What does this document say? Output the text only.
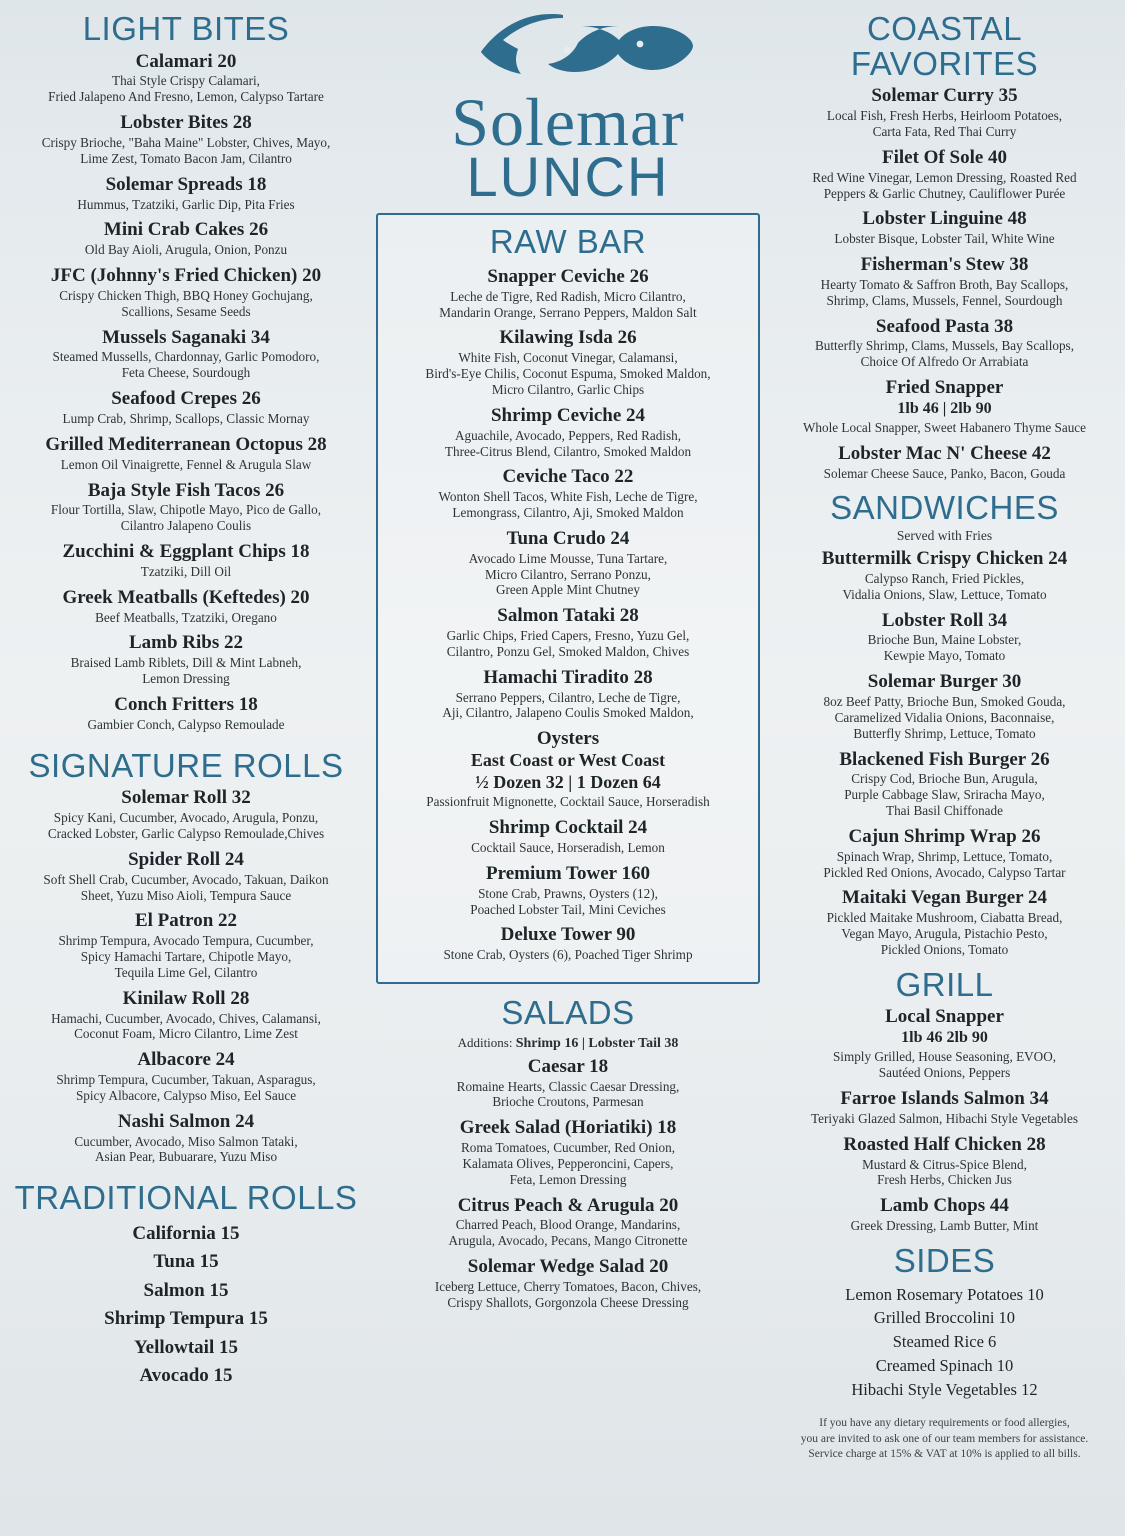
LIGHT BITES
Calamari 20
Thai Style Crispy Calamari,
Fried Jalapeno And Fresno, Lemon, Calypso Tartare
Lobster Bites 28
Crispy Brioche, "Baha Maine" Lobster, Chives, Mayo,
Lime Zest, Tomato Bacon Jam, Cilantro
Solemar Spreads 18
Hummus, Tzatziki, Garlic Dip, Pita Fries
Mini Crab Cakes 26
Old Bay Aioli, Arugula, Onion, Ponzu
JFC (Johnny's Fried Chicken) 20
Crispy Chicken Thigh, BBQ Honey Gochujang,
Scallions, Sesame Seeds
Mussels Saganaki 34
Steamed Mussells, Chardonnay, Garlic Pomodoro,
Feta Cheese, Sourdough
Seafood Crepes 26
Lump Crab, Shrimp, Scallops, Classic Mornay
Grilled Mediterranean Octopus 28
Lemon Oil Vinaigrette, Fennel & Arugula Slaw
Baja Style Fish Tacos 26
Flour Tortilla, Slaw, Chipotle Mayo, Pico de Gallo,
Cilantro Jalapeno Coulis
Zucchini & Eggplant Chips 18
Tzatziki, Dill Oil
Greek Meatballs (Keftedes) 20
Beef Meatballs, Tzatziki, Oregano
Lamb Ribs 22
Braised Lamb Riblets, Dill & Mint Labneh,
Lemon Dressing
Conch Fritters 18
Gambier Conch, Calypso Remoulade
SIGNATURE ROLLS
Solemar Roll 32
Spicy Kani, Cucumber, Avocado, Arugula, Ponzu,
Cracked Lobster, Garlic Calypso Remoulade,Chives
Spider Roll 24
Soft Shell Crab, Cucumber, Avocado, Takuan, Daikon
Sheet, Yuzu Miso Aioli, Tempura Sauce
El Patron 22
Shrimp Tempura, Avocado Tempura, Cucumber,
Spicy Hamachi Tartare, Chipotle Mayo,
Tequila Lime Gel, Cilantro
Kinilaw Roll 28
Hamachi, Cucumber, Avocado, Chives, Calamansi,
Coconut Foam, Micro Cilantro, Lime Zest
Albacore 24
Shrimp Tempura, Cucumber, Takuan, Asparagus,
Spicy Albacore, Calypso Miso, Eel Sauce
Nashi Salmon 24
Cucumber, Avocado, Miso Salmon Tataki,
Asian Pear, Bubuarare, Yuzu Miso
TRADITIONAL ROLLS
California 15
Tuna 15
Salmon 15
Shrimp Tempura 15
Yellowtail 15
Avocado 15
Solemar
LUNCH
RAW BAR
Snapper Ceviche 26
Leche de Tigre, Red Radish, Micro Cilantro,
Mandarin Orange, Serrano Peppers, Maldon Salt
Kilawing Isda 26
White Fish, Coconut Vinegar, Calamansi,
Bird's-Eye Chilis, Coconut Espuma, Smoked Maldon,
Micro Cilantro, Garlic Chips
Shrimp Ceviche 24
Aguachile, Avocado, Peppers, Red Radish,
Three-Citrus Blend, Cilantro, Smoked Maldon
Ceviche Taco 22
Wonton Shell Tacos, White Fish, Leche de Tigre,
Lemongrass, Cilantro, Aji, Smoked Maldon
Tuna Crudo 24
Avocado Lime Mousse, Tuna Tartare,
Micro Cilantro, Serrano Ponzu,
Green Apple Mint Chutney
Salmon Tataki 28
Garlic Chips, Fried Capers, Fresno, Yuzu Gel,
Cilantro, Ponzu Gel, Smoked Maldon, Chives
Hamachi Tiradito 28
Serrano Peppers, Cilantro, Leche de Tigre,
Aji, Cilantro, Jalapeno Coulis Smoked Maldon,
Oysters
East Coast or West Coast
½ Dozen 32 | 1 Dozen 64
Passionfruit Mignonette, Cocktail Sauce, Horseradish
Shrimp Cocktail 24
Cocktail Sauce, Horseradish, Lemon
Premium Tower 160
Stone Crab, Prawns, Oysters (12),
Poached Lobster Tail, Mini Ceviches
Deluxe Tower 90
Stone Crab, Oysters (6), Poached Tiger Shrimp
SALADS
Additions: Shrimp 16 | Lobster Tail 38
Caesar 18
Romaine Hearts, Classic Caesar Dressing,
Brioche Croutons, Parmesan
Greek Salad (Horiatiki) 18
Roma Tomatoes, Cucumber, Red Onion,
Kalamata Olives, Pepperoncini, Capers,
Feta, Lemon Dressing
Citrus Peach & Arugula 20
Charred Peach, Blood Orange, Mandarins,
Arugula, Avocado, Pecans, Mango Citronette
Solemar Wedge Salad 20
Iceberg Lettuce, Cherry Tomatoes, Bacon, Chives,
Crispy Shallots, Gorgonzola Cheese Dressing
COASTAL FAVORITES
Solemar Curry 35
Local Fish, Fresh Herbs, Heirloom Potatoes,
Carta Fata, Red Thai Curry
Filet Of Sole 40
Red Wine Vinegar, Lemon Dressing, Roasted Red
Peppers & Garlic Chutney, Cauliflower Purée
Lobster Linguine 48
Lobster Bisque, Lobster Tail, White Wine
Fisherman's Stew 38
Hearty Tomato & Saffron Broth, Bay Scallops,
Shrimp, Clams, Mussels, Fennel, Sourdough
Seafood Pasta 38
Butterfly Shrimp, Clams, Mussels, Bay Scallops,
Choice Of Alfredo Or Arrabiata
Fried Snapper
1lb 46 | 2lb 90
Whole Local Snapper, Sweet Habanero Thyme Sauce
Lobster Mac N' Cheese 42
Solemar Cheese Sauce, Panko, Bacon, Gouda
SANDWICHES
Served with Fries
Buttermilk Crispy Chicken 24
Calypso Ranch, Fried Pickles,
Vidalia Onions, Slaw, Lettuce, Tomato
Lobster Roll 34
Brioche Bun, Maine Lobster,
Kewpie Mayo, Tomato
Solemar Burger 30
8oz Beef Patty, Brioche Bun, Smoked Gouda,
Caramelized Vidalia Onions, Baconnaise,
Butterfly Shrimp, Lettuce, Tomato
Blackened Fish Burger 26
Crispy Cod, Brioche Bun, Arugula,
Purple Cabbage Slaw, Sriracha Mayo,
Thai Basil Chiffonade
Cajun Shrimp Wrap 26
Spinach Wrap, Shrimp, Lettuce, Tomato,
Pickled Red Onions, Avocado, Calypso Tartar
Maitaki Vegan Burger 24
Pickled Maitake Mushroom, Ciabatta Bread,
Vegan Mayo, Arugula, Pistachio Pesto,
Pickled Onions, Tomato
GRILL
Local Snapper
1lb 46 2lb 90
Simply Grilled, House Seasoning, EVOO,
Sautéed Onions, Peppers
Farroe Islands Salmon 34
Teriyaki Glazed Salmon, Hibachi Style Vegetables
Roasted Half Chicken 28
Mustard & Citrus-Spice Blend,
Fresh Herbs, Chicken Jus
Lamb Chops 44
Greek Dressing, Lamb Butter, Mint
SIDES
Lemon Rosemary Potatoes 10
Grilled Broccolini 10
Steamed Rice 6
Creamed Spinach 10
Hibachi Style Vegetables 12
If you have any dietary requirements or food allergies,
you are invited to ask one of our team members for assistance.
Service charge at 15% & VAT at 10% is applied to all bills.
